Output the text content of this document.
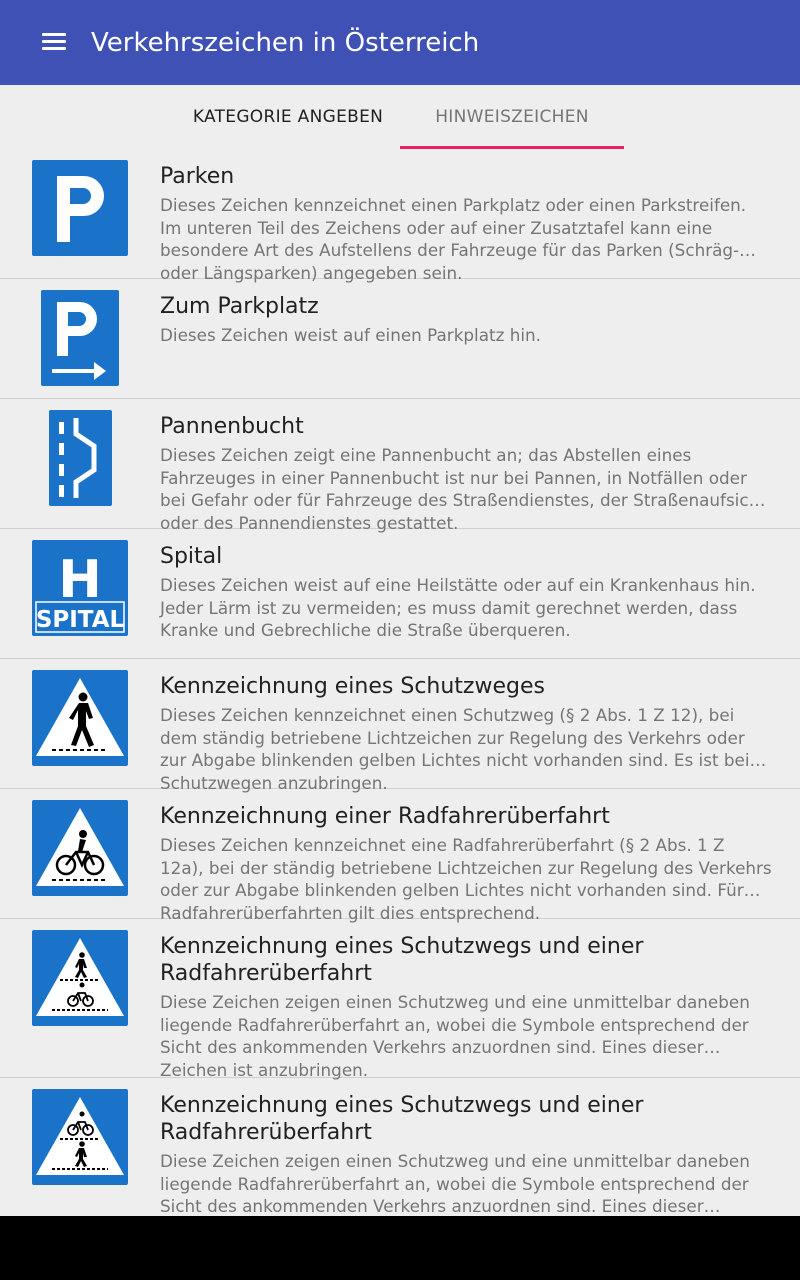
Verkehrszeichen in Österreich
KATEGORIE ANGEBEN	HINWEISZEICHEN
Parken
Dieses Zeichen kennzeichnet einen Parkplatz oder einen Parkstreifen. Im unteren Teil des Zeichens oder auf einer Zusatztafel kann eine besondere Art des Aufstellens der Fahrzeuge für das Parken (Schräg- oder Längsparken) angegeben sein.
Zum Parkplatz
Dieses Zeichen weist auf einen Parkplatz hin.
Pannenbucht
Dieses Zeichen zeigt eine Pannenbucht an; das Abstellen eines Fahrzeuges in einer Pannenbucht ist nur bei Pannen, in Notfällen oder bei Gefahr oder für Fahrzeuge des Straßendienstes, der Straßenaufsicht oder des Pannendienstes gestattet.
H
SPITAL
Spital
Dieses Zeichen weist auf eine Heilstätte oder auf ein Krankenhaus hin. Jeder Lärm ist zu vermeiden; es muss damit gerechnet werden, dass Kranke und Gebrechliche die Straße überqueren.
Kennzeichnung eines Schutzweges
Dieses Zeichen kennzeichnet einen Schutzweg (§ 2 Abs. 1 Z 12), bei dem ständig betriebene Lichtzeichen zur Regelung des Verkehrs oder zur Abgabe blinkenden gelben Lichtes nicht vorhanden sind. Es ist bei Schutzwegen anzubringen.
Kennzeichnung einer Radfahrerüberfahrt
Dieses Zeichen kennzeichnet eine Radfahrerüberfahrt (§ 2 Abs. 1 Z 12a), bei der ständig betriebene Lichtzeichen zur Regelung des Verkehrs oder zur Abgabe blinkenden gelben Lichtes nicht vorhanden sind. Für Radfahrerüberfahrten gilt dies entsprechend.
Kennzeichnung eines Schutzwegs und einer Radfahrerüberfahrt
Diese Zeichen zeigen einen Schutzweg und eine unmittelbar daneben liegende Radfahrerüberfahrt an, wobei die Symbole entsprechend der Sicht des ankommenden Verkehrs anzuordnen sind. Eines dieser Zeichen ist anzubringen.
Kennzeichnung eines Schutzwegs und einer Radfahrerüberfahrt
Diese Zeichen zeigen einen Schutzweg und eine unmittelbar daneben liegende Radfahrerüberfahrt an, wobei die Symbole entsprechend der Sicht des ankommenden Verkehrs anzuordnen sind. Eines dieser
